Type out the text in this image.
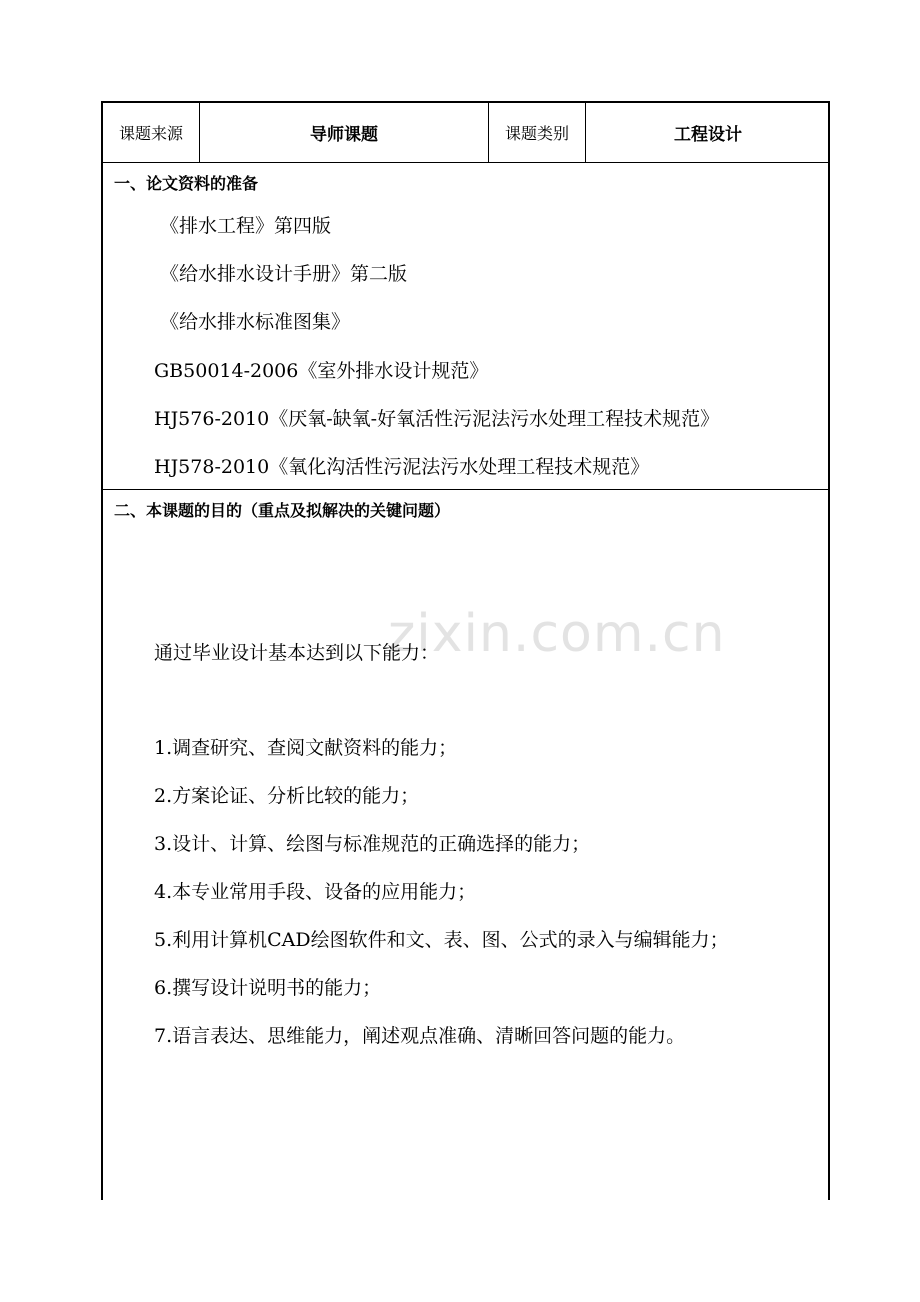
zixin.com.cn
课题来源	导师课题	课题类别	工程设计
一、论文资料的准备
《排水工程》第四版
《给水排水设计手册》第二版
《给水排水标准图集》
GB50014-2006《室外排水设计规范》
HJ576-2010《厌氧-缺氧-好氧活性污泥法污水处理工程技术规范》
HJ578-2010《氧化沟活性污泥法污水处理工程技术规范》
二、本课题的目的（重点及拟解决的关键问题）
通过毕业设计基本达到以下能力：
1.调查研究、查阅文献资料的能力；
2.方案论证、分析比较的能力；
3.设计、计算、绘图与标准规范的正确选择的能力；
4.本专业常用手段、设备的应用能力；
5.利用计算机CAD绘图软件和文、表、图、公式的录入与编辑能力；
6.撰写设计说明书的能力；
7.语言表达、思维能力，阐述观点准确、清晰回答问题的能力。
